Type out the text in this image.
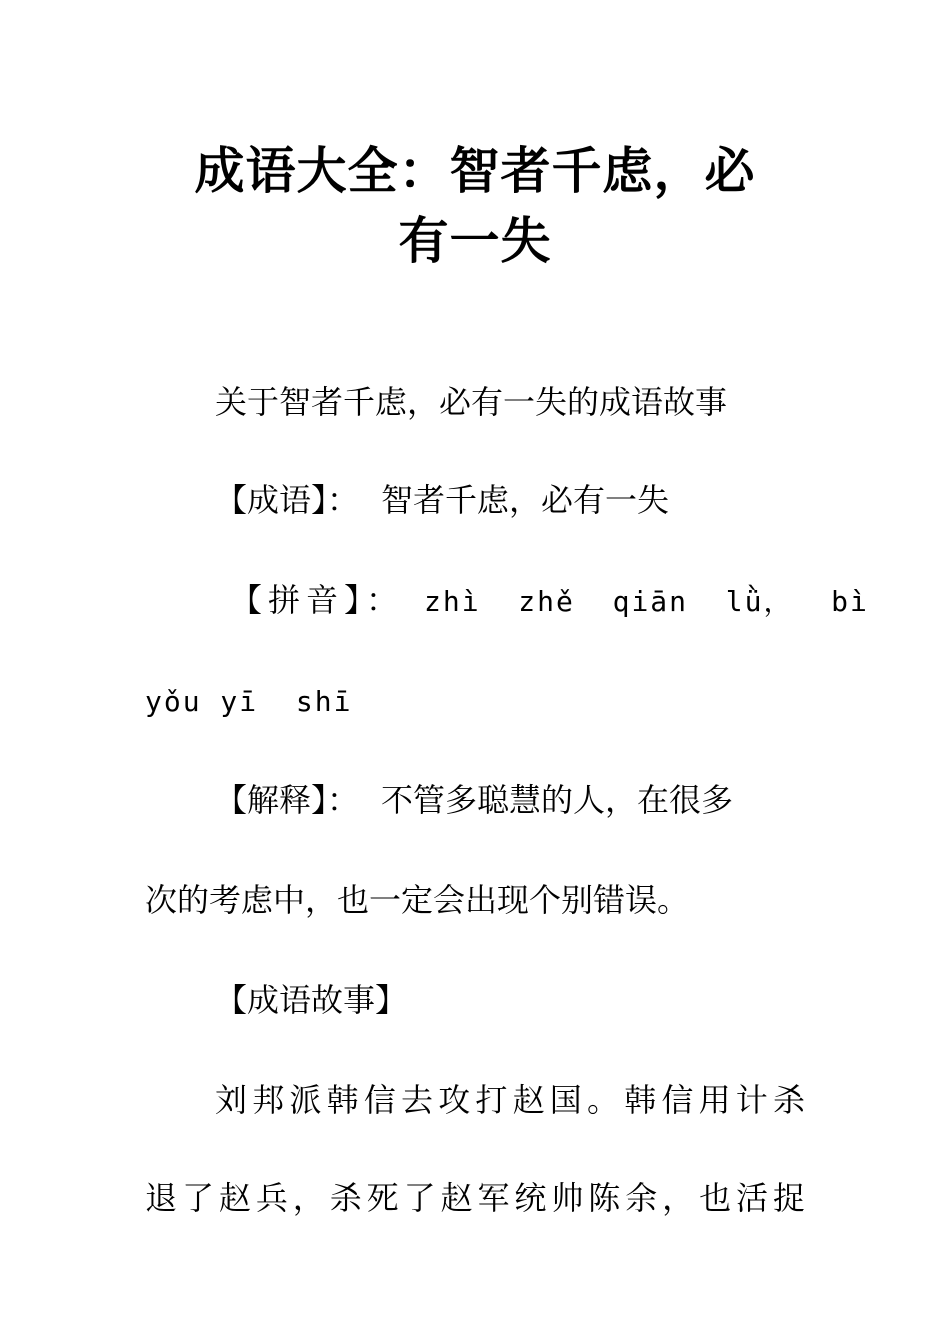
成语大全：智者千虑，必
有一失
关于智者千虑，必有一失的成语故事
【成语】： 智者千虑，必有一失
【拼音】： zhì  zhě  qiān  lǜ，  bì
yǒu yī  shī
【解释】： 不管多聪慧的人，在很多
次的考虑中，也一定会出现个别错误。
【成语故事】
刘邦派韩信去攻打赵国。韩信用计杀
退了赵兵，杀死了赵军统帅陈余，也活捉
